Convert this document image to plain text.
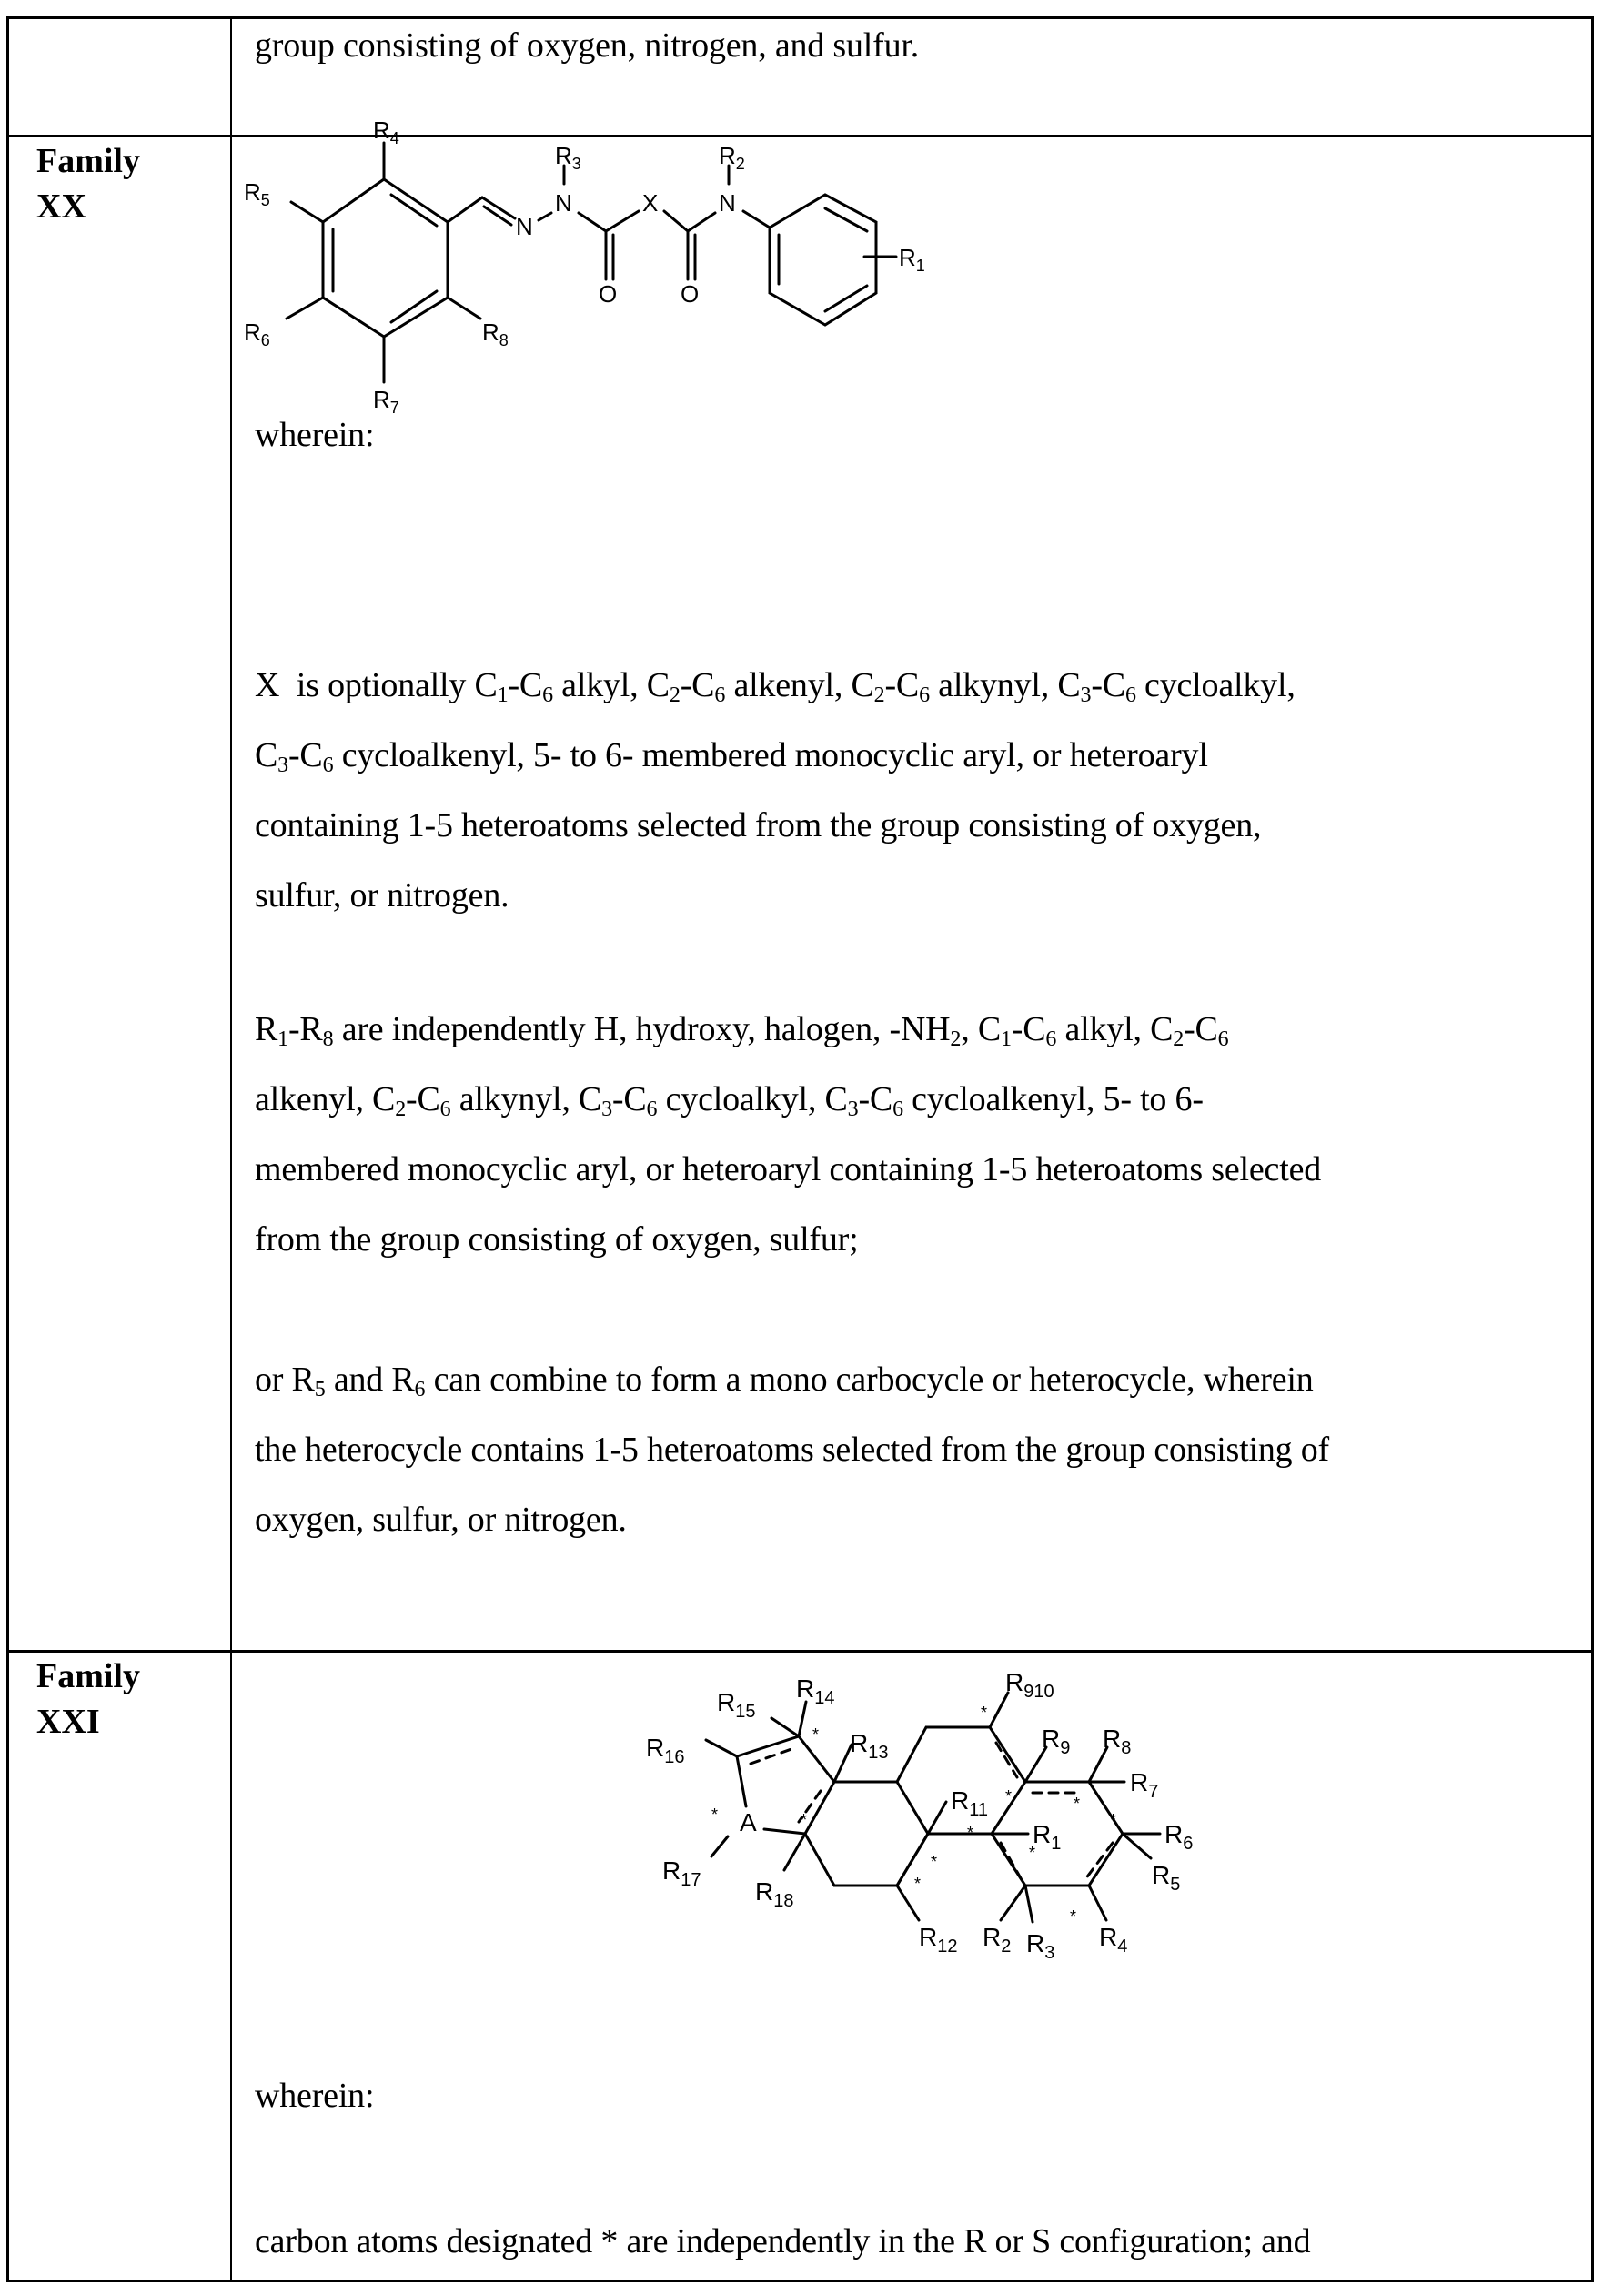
group consisting of oxygen, nitrogen, and sulfur.

Family
XX
$R_4$
$R_5$
$R_6$	$R_8$
$R_7$
N
$R_3$
N	X
O	O
$R_2$
N
$R_1$

wherein:

X  is optionally $C_1-C_6$ alkyl, $C_2-C_6$ alkenyl, $C_2-C_6$ alkynyl, $C_3-C_6$ cycloalkyl,

$C_3-C_6$ cycloalkenyl, 5- to 6- membered monocyclic aryl, or heteroaryl

containing 1-5 heteroatoms selected from the group consisting of oxygen,

sulfur, or nitrogen.

$R_1-R_8$ are independently H, hydroxy, halogen, $-NH_2$, $C_1-C_6$ alkyl, $C_2-C_6$

alkenyl, $C_2-C_6$ alkynyl, $C_3-C_6$ cycloalkyl, $C_3-C_6$ cycloalkenyl, 5- to 6-

membered monocyclic aryl, or heteroaryl containing 1-5 heteroatoms selected

from the group consisting of oxygen, sulfur;

or $R_5$ and $R_6$ can combine to form a mono carbocycle or heterocycle, wherein

the heterocycle contains 1-5 heteroatoms selected from the group consisting of

oxygen, sulfur, or nitrogen.

Family
XXI
$R_{15}$
$R_{14}$
$R_{16}$	$R_{13}$
$R_{910}$
$R_9$ $R_8$
$R_{11}$
$R_7$
A	$R_1$	$R_6$
$R_{17}$ $R_{18}$
$R_5$
$R_{12}$ $R_2$ $R_3$
$R_4$
*
*
*
*
*
*
*
*
*
*
*
*

wherein:

carbon atoms designated * are independently in the R or S configuration; and
